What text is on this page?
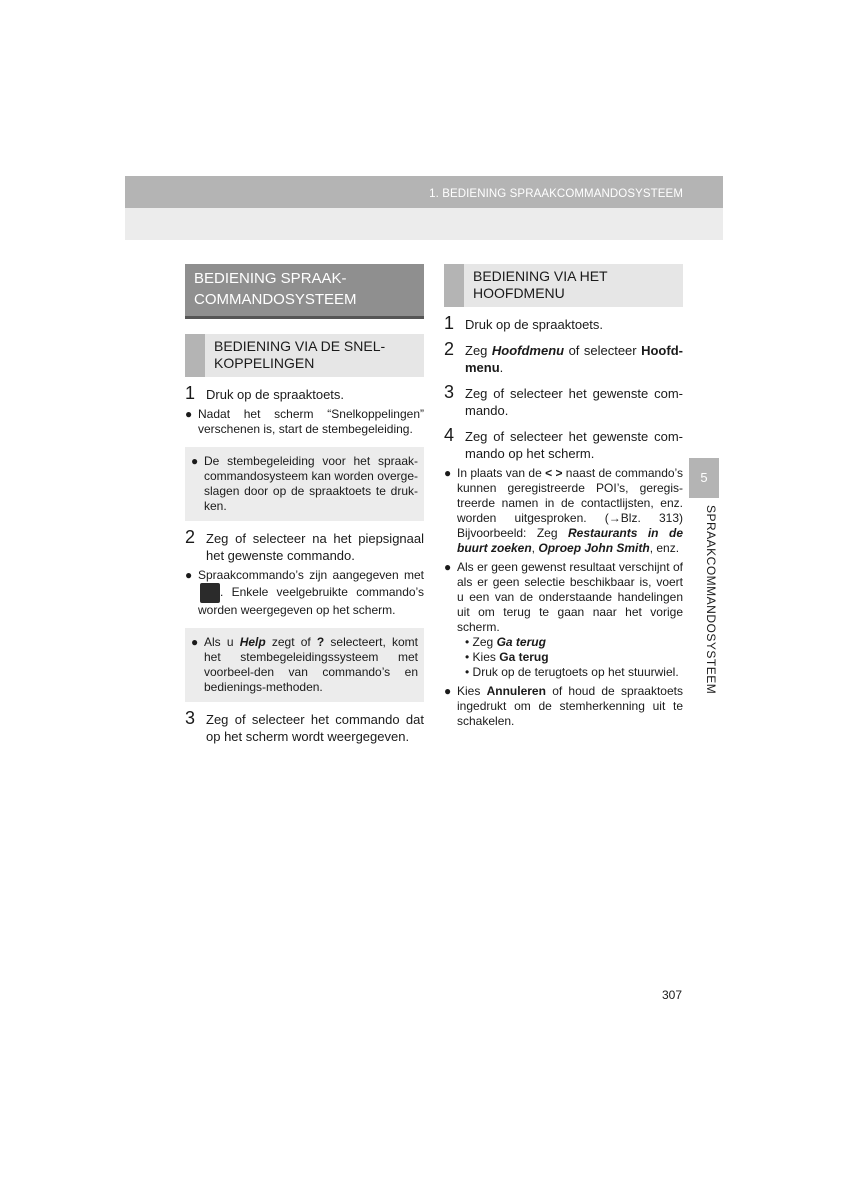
1. BEDIENING SPRAAKCOMMANDOSYSTEEM
BEDIENING SPRAAK-COMMANDOSYSTEEM
BEDIENING VIA DE SNEL-KOPPELINGEN
1 Druk op de spraaktoets.
● Nadat het scherm “Snelkoppelingen” verschenen is, start de stembegeleiding.
● De stembegeleiding voor het spraak-commandosysteem kan worden overge-slagen door op de spraaktoets te druk-ken.
2 Zeg of selecteer na het piepsignaal het gewenste commando.
● Spraakcommando’s zijn aangegeven met . Enkele veelgebruikte commando’s worden weergegeven op het scherm.
● Als u Help zegt of ? selecteert, komt het stembegeleidingssysteem met voorbeel-den van commando’s en bedienings-methoden.
3 Zeg of selecteer het commando dat op het scherm wordt weergegeven.
BEDIENING VIA HET HOOFDMENU
1 Druk op de spraaktoets.
2 Zeg Hoofdmenu of selecteer Hoofd-menu.
3 Zeg of selecteer het gewenste com-mando.
4 Zeg of selecteer het gewenste com-mando op het scherm.
● In plaats van de < > naast de commando’s kunnen geregistreerde POI’s, geregis-treerde namen in de contactlijsten, enz. worden uitgesproken. (→Blz. 313) Bijvoorbeeld: Zeg Restaurants in de buurt zoeken, Oproep John Smith, enz.
● Als er geen gewenst resultaat verschijnt of als er geen selectie beschikbaar is, voert u een van de onderstaande handelingen uit om terug te gaan naar het vorige scherm.
• Zeg Ga terug
• Kies Ga terug
• Druk op de terugtoets op het stuurwiel.
● Kies Annuleren of houd de spraaktoets ingedrukt om de stemherkenning uit te schakelen.
5
SPRAAKCOMMANDOSYSTEEM
307
